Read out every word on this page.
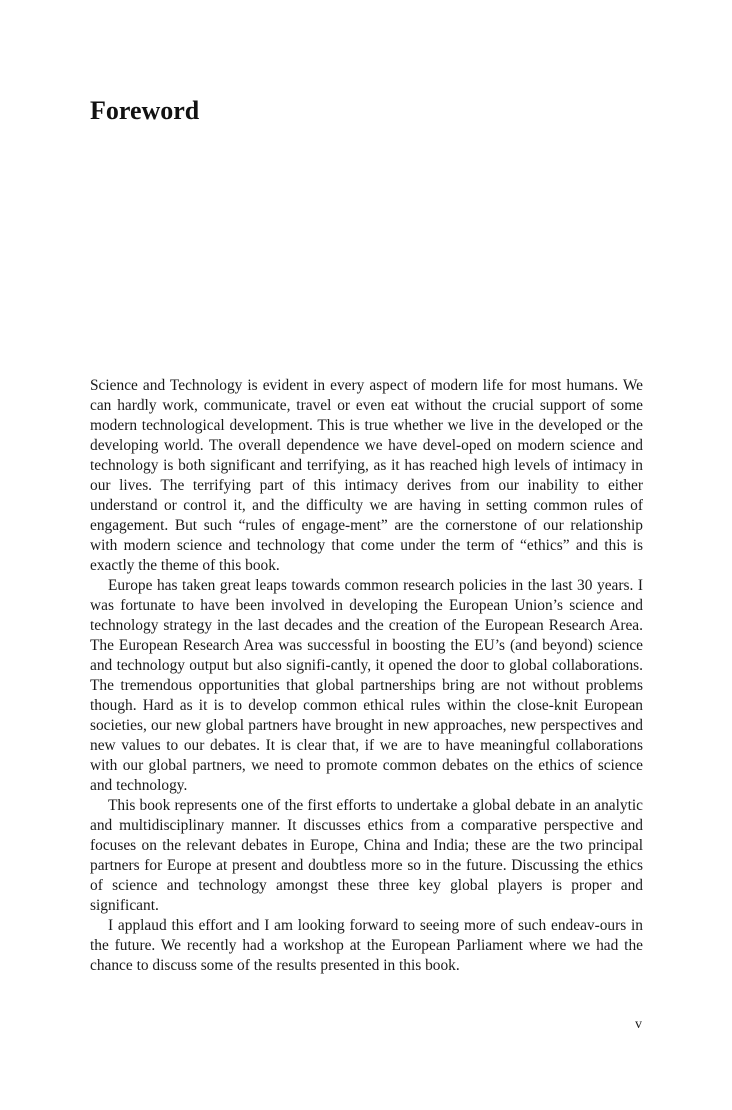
Foreword

Science and Technology is evident in every aspect of modern life for most humans. We can hardly work, communicate, travel or even eat without the crucial support of some modern technological development. This is true whether we live in the developed or the developing world. The overall dependence we have devel-oped on modern science and technology is both significant and terrifying, as it has reached high levels of intimacy in our lives. The terrifying part of this intimacy derives from our inability to either understand or control it, and the difficulty we are having in setting common rules of engagement. But such “rules of engage-ment” are the cornerstone of our relationship with modern science and technology that come under the term of “ethics” and this is exactly the theme of this book.

Europe has taken great leaps towards common research policies in the last 30 years. I was fortunate to have been involved in developing the European Union’s science and technology strategy in the last decades and the creation of the European Research Area. The European Research Area was successful in boosting the EU’s (and beyond) science and technology output but also signifi-cantly, it opened the door to global collaborations. The tremendous opportunities that global partnerships bring are not without problems though. Hard as it is to develop common ethical rules within the close-knit European societies, our new global partners have brought in new approaches, new perspectives and new values to our debates. It is clear that, if we are to have meaningful collaborations with our global partners, we need to promote common debates on the ethics of science and technology.

This book represents one of the first efforts to undertake a global debate in an analytic and multidisciplinary manner. It discusses ethics from a comparative perspective and focuses on the relevant debates in Europe, China and India; these are the two principal partners for Europe at present and doubtless more so in the future. Discussing the ethics of science and technology amongst these three key global players is proper and significant.

I applaud this effort and I am looking forward to seeing more of such endeav-ours in the future. We recently had a workshop at the European Parliament where we had the chance to discuss some of the results presented in this book.

v
